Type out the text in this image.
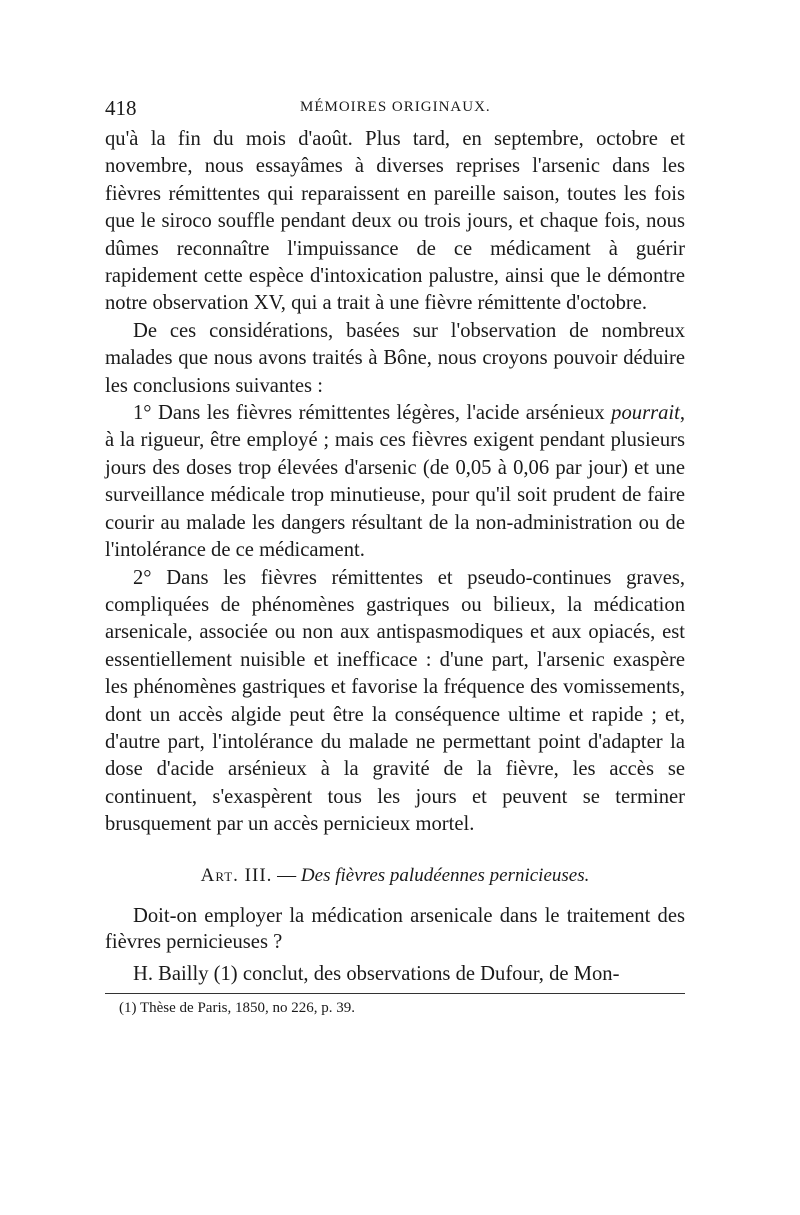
418	MÉMOIRES ORIGINAUX.

qu'à la fin du mois d'août. Plus tard, en septembre, octobre et novembre, nous essayâmes à diverses reprises l'arsenic dans les fièvres rémittentes qui reparaissent en pareille saison, toutes les fois que le siroco souffle pendant deux ou trois jours, et chaque fois, nous dûmes reconnaître l'impuissance de ce médicament à guérir rapidement cette espèce d'intoxication palustre, ainsi que le démontre notre observation XV, qui a trait à une fièvre rémittente d'octobre.

De ces considérations, basées sur l'observation de nombreux malades que nous avons traités à Bône, nous croyons pouvoir déduire les conclusions suivantes :

1° Dans les fièvres rémittentes légères, l'acide arsénieux pourrait, à la rigueur, être employé ; mais ces fièvres exigent pendant plusieurs jours des doses trop élevées d'arsenic (de 0,05 à 0,06 par jour) et une surveillance médicale trop minutieuse, pour qu'il soit prudent de faire courir au malade les dangers résultant de la non-administration ou de l'intolérance de ce médicament.

2° Dans les fièvres rémittentes et pseudo-continues graves, compliquées de phénomènes gastriques ou bilieux, la médication arsenicale, associée ou non aux antispasmodiques et aux opiacés, est essentiellement nuisible et inefficace : d'une part, l'arsenic exaspère les phénomènes gastriques et favorise la fréquence des vomissements, dont un accès algide peut être la conséquence ultime et rapide ; et, d'autre part, l'intolérance du malade ne permettant point d'adapter la dose d'acide arsénieux à la gravité de la fièvre, les accès se continuent, s'exaspèrent tous les jours et peuvent se terminer brusquement par un accès pernicieux mortel.

Art. III. — Des fièvres paludéennes pernicieuses.

Doit-on employer la médication arsenicale dans le traitement des fièvres pernicieuses ?

H. Bailly (1) conclut, des observations de Dufour, de Mon-

(1) Thèse de Paris, 1850, no 226, p. 39.
